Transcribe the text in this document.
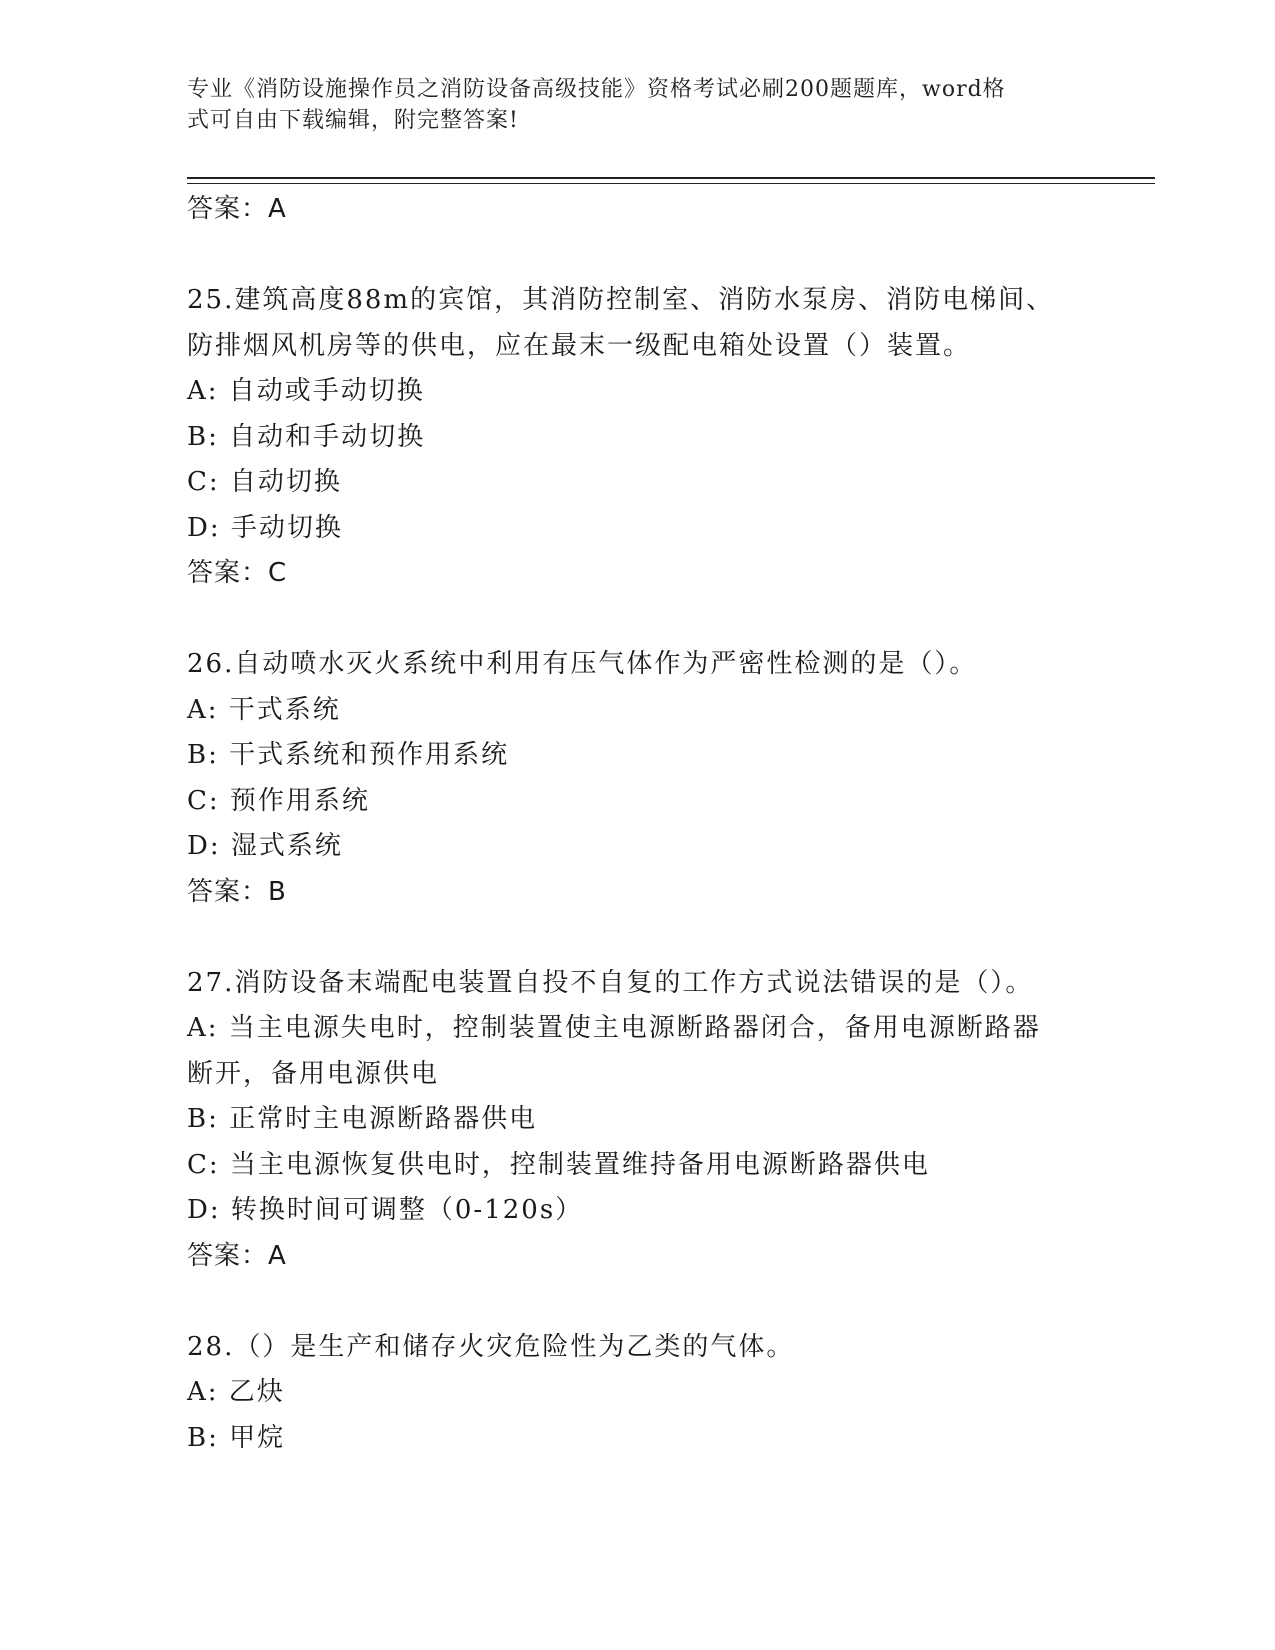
专业《消防设施操作员之消防设备高级技能》资格考试必刷200题题库，word格
式可自由下载编辑，附完整答案!
答案：A
25.建筑高度88m的宾馆，其消防控制室、消防水泵房、消防电梯间、
防排烟风机房等的供电，应在最末一级配电箱处设置（）装置。
A: 自动或手动切换
B: 自动和手动切换
C: 自动切换
D: 手动切换
答案：C
26.自动喷水灭火系统中利用有压气体作为严密性检测的是（）。
A: 干式系统
B: 干式系统和预作用系统
C: 预作用系统
D: 湿式系统
答案：B
27.消防设备末端配电装置自投不自复的工作方式说法错误的是（）。
A: 当主电源失电时，控制装置使主电源断路器闭合，备用电源断路器
断开，备用电源供电
B: 正常时主电源断路器供电
C: 当主电源恢复供电时，控制装置维持备用电源断路器供电
D: 转换时间可调整（0-120s）
答案：A
28.（）是生产和储存火灾危险性为乙类的气体。
A: 乙炔
B: 甲烷
